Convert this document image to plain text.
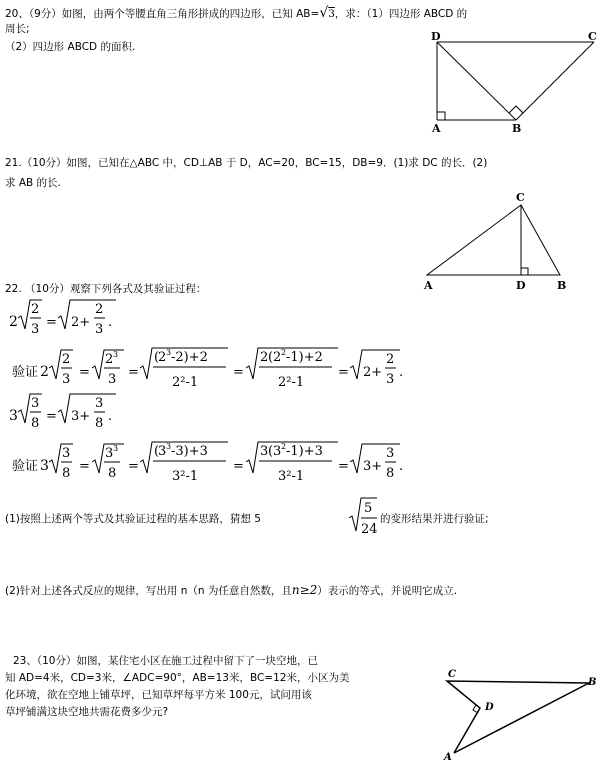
20、（9分）如图，由两个等腰直角三角形拼成的四边形，已知 AB=√3，求：（1）四边形 ABCD 的
周长;
（2）四边形 ABCD 的面积.
D	C
A	B
21.（10分）如图，已知在△ABC 中，CD⊥AB 于 D，AC=20，BC=15，DB=9．(1)求 DC 的长．(2)
求 AB 的长.
C
A	D	B
22. （10分）观察下列各式及其验证过程：
2
2
3 = 2+
2
3 .
验证 2
2
3 =
2 3
3 =
(
2 3 -2)+2
2²-1
=
2 ( 2 2 -1)+2
2²-1
= 2+
2
3 .
3
3
8 = 3+
3
8 .
验证 3
3
8 =
3 3
8 =
(
3 3 -3)+3
3²-1
=
3 ( 3 2 -1)+3
3²-1
= 3+
3
8 .
5
24
(1)按照上述两个等式及其验证过程的基本思路，猜想 5	的变形结果并进行验证;
(2)针对上述各式反应的规律，写出用 n（n 为任意自然数，且n≥2）表示的等式，并说明它成立.
23、（10分）如图，某住宅小区在施工过程中留下了一块空地，已
知 AD=4米，CD=3米，∠ADC=90°，AB=13米，BC=12米，小区为美
化环境，欲在空地上铺草坪，已知草坪每平方米 100元，试问用该
草坪铺满这块空地共需花费多少元?
C
B
D
A
